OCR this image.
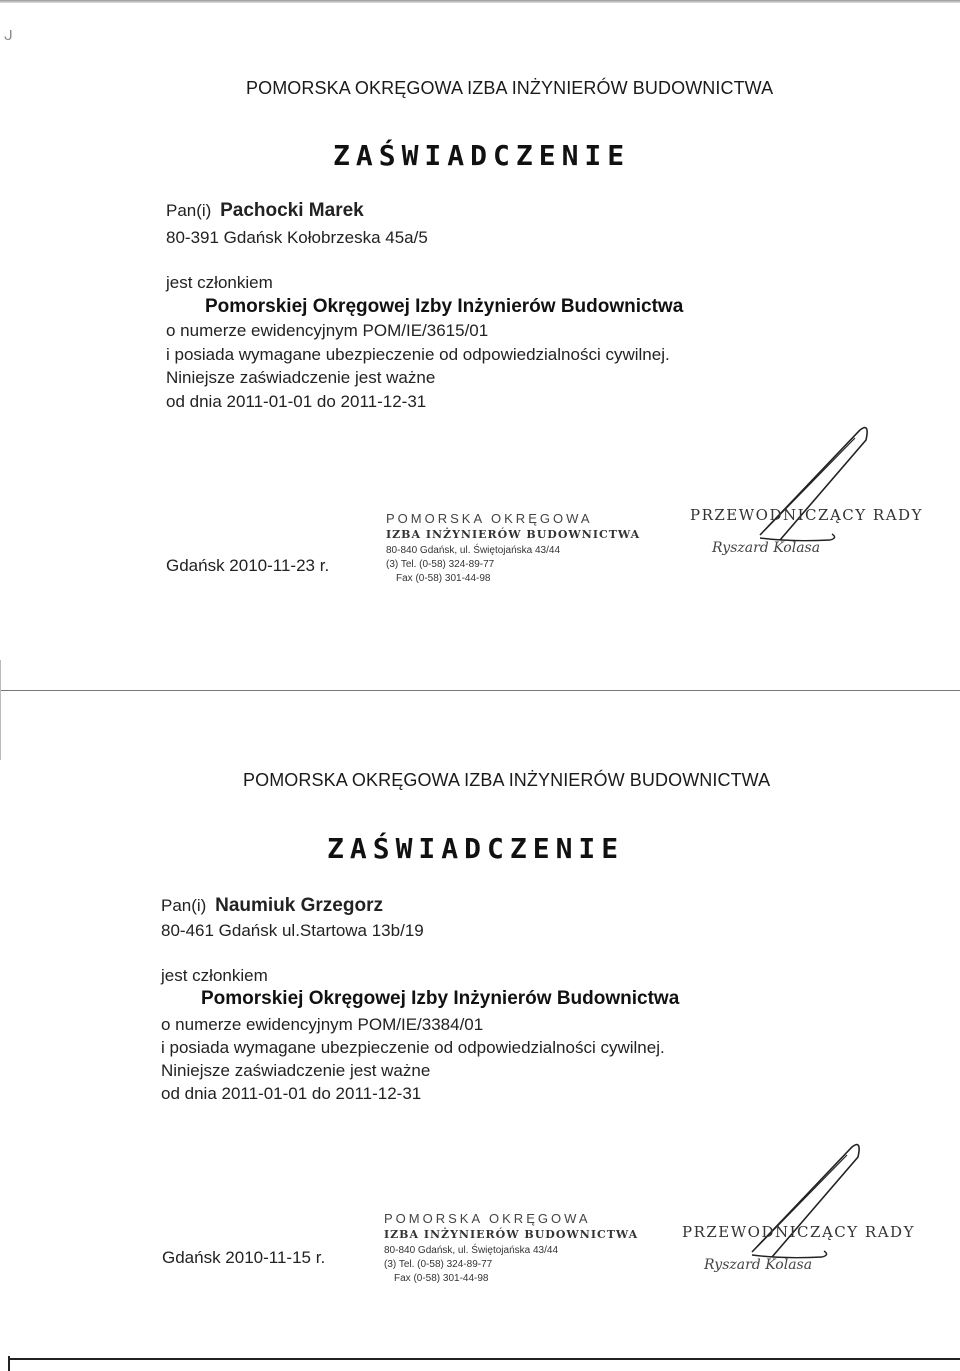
ᒍ
POMORSKA OKRĘGOWA IZBA INŻYNIERÓW BUDOWNICTWA
ZAŚWIADCZENIE
Pan(i) Pachocki Marek
80-391 Gdańsk Kołobrzeska 45a/5
jest członkiem
Pomorskiej Okręgowej Izby Inżynierów Budownictwa
o numerze ewidencyjnym POM/IE/3615/01
i posiada wymagane ubezpieczenie od odpowiedzialności cywilnej.
Niniejsze zaświadczenie jest ważne
od dnia 2011-01-01 do 2011-12-31
Gdańsk 2010-11-23 r.
POMORSKA OKRĘGOWA
IZBA INŻYNIERÓW BUDOWNICTWA
80-840 Gdańsk, ul. Świętojańska 43/44
(3) Tel. (0-58) 324-89-77
Fax (0-58) 301-44-98
PRZEWODNICZĄCY RADY
Ryszard Kolasa
POMORSKA OKRĘGOWA IZBA INŻYNIERÓW BUDOWNICTWA
ZAŚWIADCZENIE
Pan(i) Naumiuk Grzegorz
80-461 Gdańsk ul.Startowa 13b/19
jest członkiem
Pomorskiej Okręgowej Izby Inżynierów Budownictwa
o numerze ewidencyjnym POM/IE/3384/01
i posiada wymagane ubezpieczenie od odpowiedzialności cywilnej.
Niniejsze zaświadczenie jest ważne
od dnia 2011-01-01 do 2011-12-31
Gdańsk 2010-11-15 r.
POMORSKA OKRĘGOWA
IZBA INŻYNIERÓW BUDOWNICTWA
80-840 Gdańsk, ul. Świętojańska 43/44
(3) Tel. (0-58) 324-89-77
Fax (0-58) 301-44-98
PRZEWODNICZĄCY RADY
Ryszard Kolasa
